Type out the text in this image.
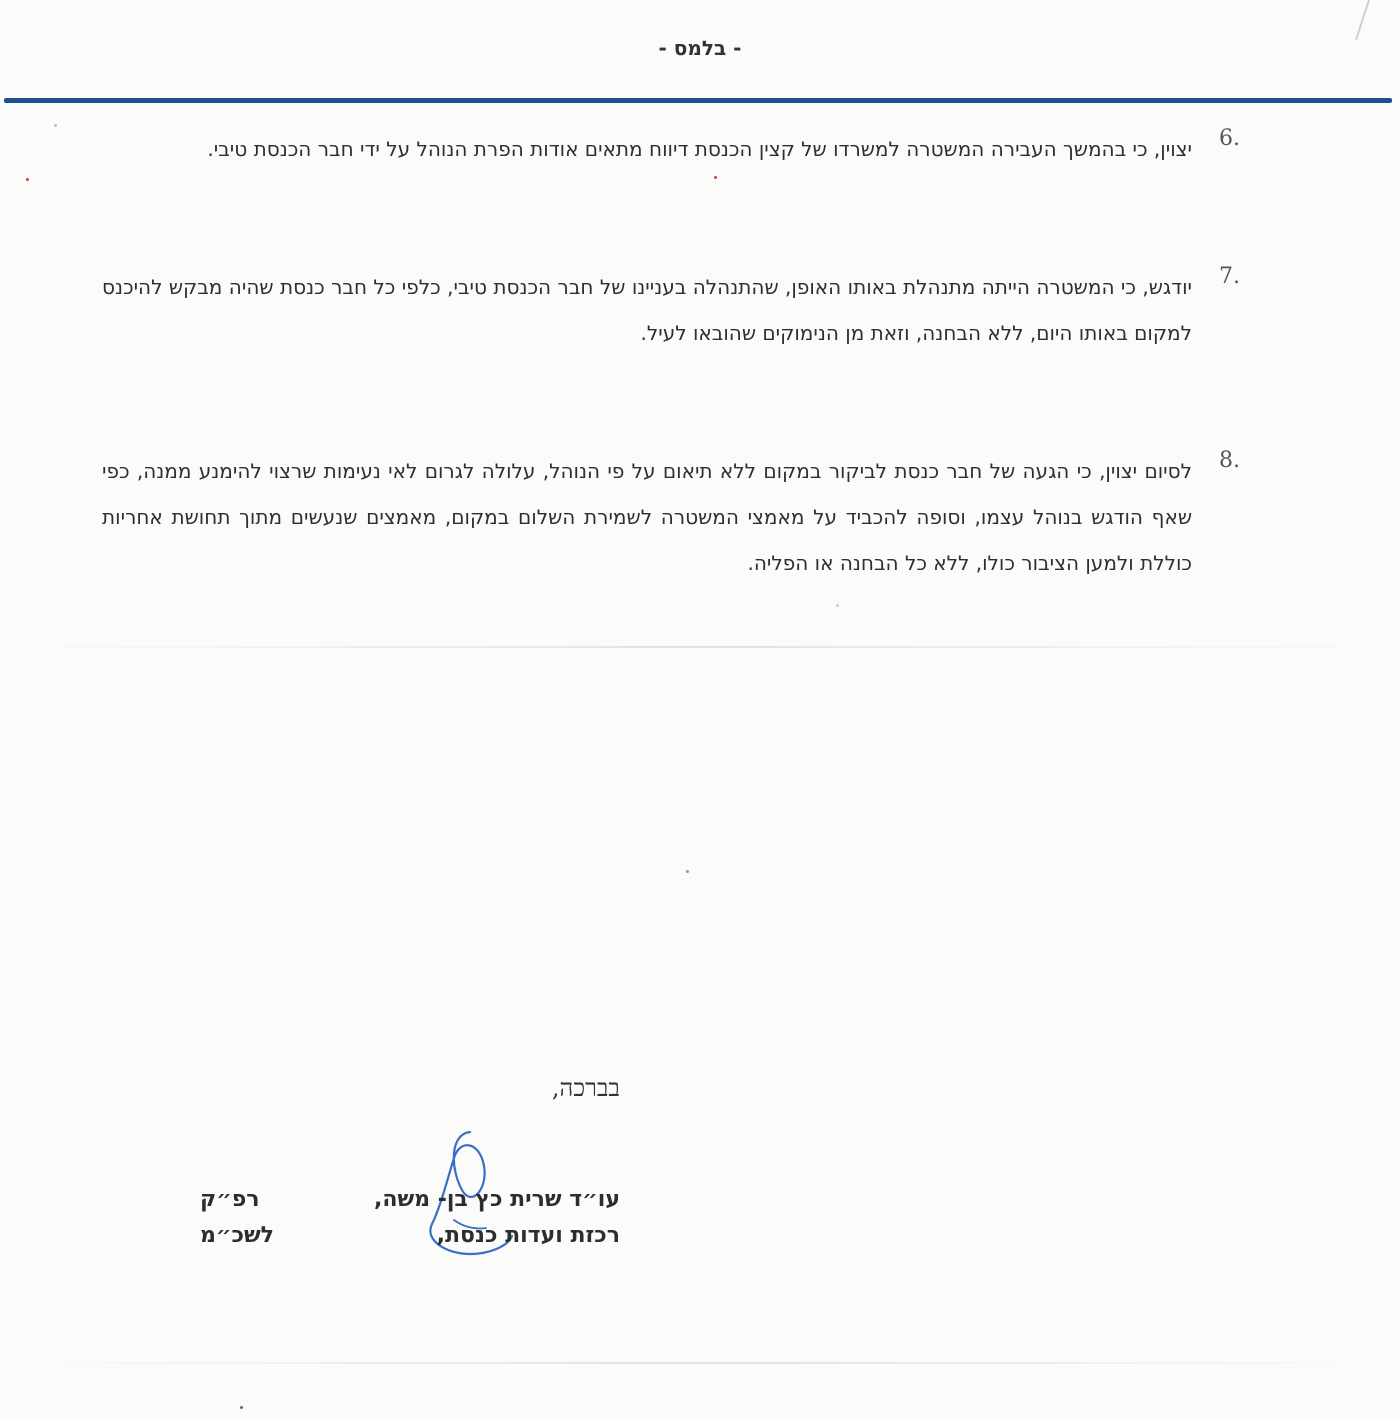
- בלמס -
6.
יצוין, כי בהמשך העבירה המשטרה למשרדו של קצין הכנסת דיווח מתאים אודות הפרת הנוהל על ידי חבר הכנסת טיבי.
7.
יודגש, כי המשטרה הייתה מתנהלת באותו האופן, שהתנהלה בעניינו של חבר הכנסת טיבי, כלפי כל חבר כנסת שהיה מבקש להיכנס למקום באותו היום, ללא הבחנה, וזאת מן הנימוקים שהובאו לעיל.
8.
לסיום יצוין, כי הגעה של חבר כנסת לביקור במקום ללא תיאום על פי הנוהל, עלולה לגרום לאי נעימות שרצוי להימנע ממנה, כפי שאף הודגש בנוהל עצמו, וסופה להכביד על מאמצי המשטרה לשמירת השלום במקום, מאמצים שנעשים מתוך תחושת אחריות כוללת ולמען הציבור כולו, ללא כל הבחנה או הפליה.
בברכה,
עו״ד שרית כץ בן- משה,
רפ״ק
רכזת ועדות כנסת,
לשכ״מ
